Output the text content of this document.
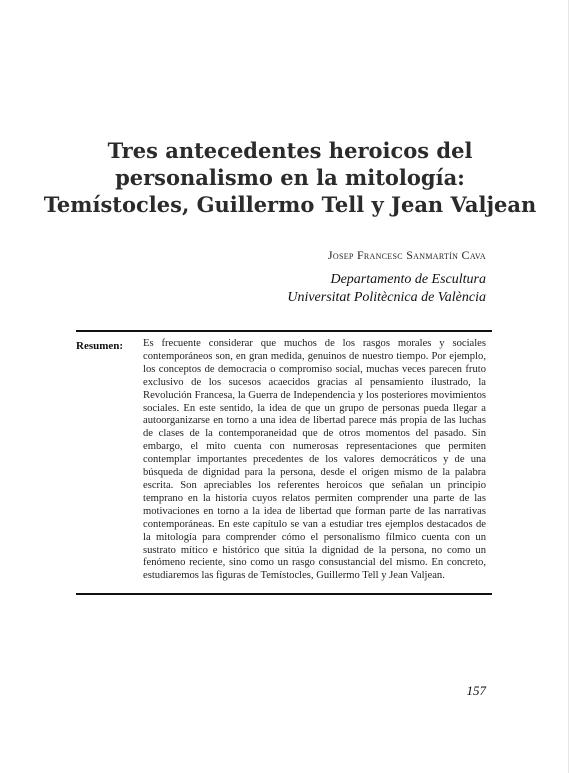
Tres antecedentes heroicos del
personalismo en la mitología:
Temístocles, Guillermo Tell y Jean Valjean
Josep Francesc Sanmartín Cava
Departamento de Escultura
Universitat Politècnica de València
Resumen: Es frecuente considerar que muchos de los rasgos morales y sociales contemporáneos son, en gran medida, genuinos de nuestro tiempo. Por ejemplo, los conceptos de democracia o compromiso social, muchas veces parecen fruto exclusivo de los sucesos acaecidos gracias al pensamiento ilustrado, la Revolución Francesa, la Guerra de Independencia y los posteriores movimientos sociales. En este sentido, la idea de que un grupo de personas pueda llegar a autoorganizarse en torno a una idea de libertad parece más propia de las luchas de clases de la contemporaneidad que de otros momentos del pasado. Sin embargo, el mito cuenta con numerosas representaciones que permiten contemplar importantes precedentes de los valores democráticos y de una búsqueda de dignidad para la persona, desde el origen mismo de la palabra escrita. Son apreciables los referentes heroicos que señalan un principio temprano en la historia cuyos relatos permiten comprender una parte de las motivaciones en torno a la idea de libertad que forman parte de las narrativas contemporáneas. En este capítulo se van a estudiar tres ejemplos destacados de la mitología para comprender cómo el personalismo fílmico cuenta con un sustrato mítico e histórico que sitúa la dignidad de la persona, no como un fenómeno reciente, sino como un rasgo consustancial del mismo. En concreto, estudiaremos las figuras de Temístocles, Guillermo Tell y Jean Valjean.

157
